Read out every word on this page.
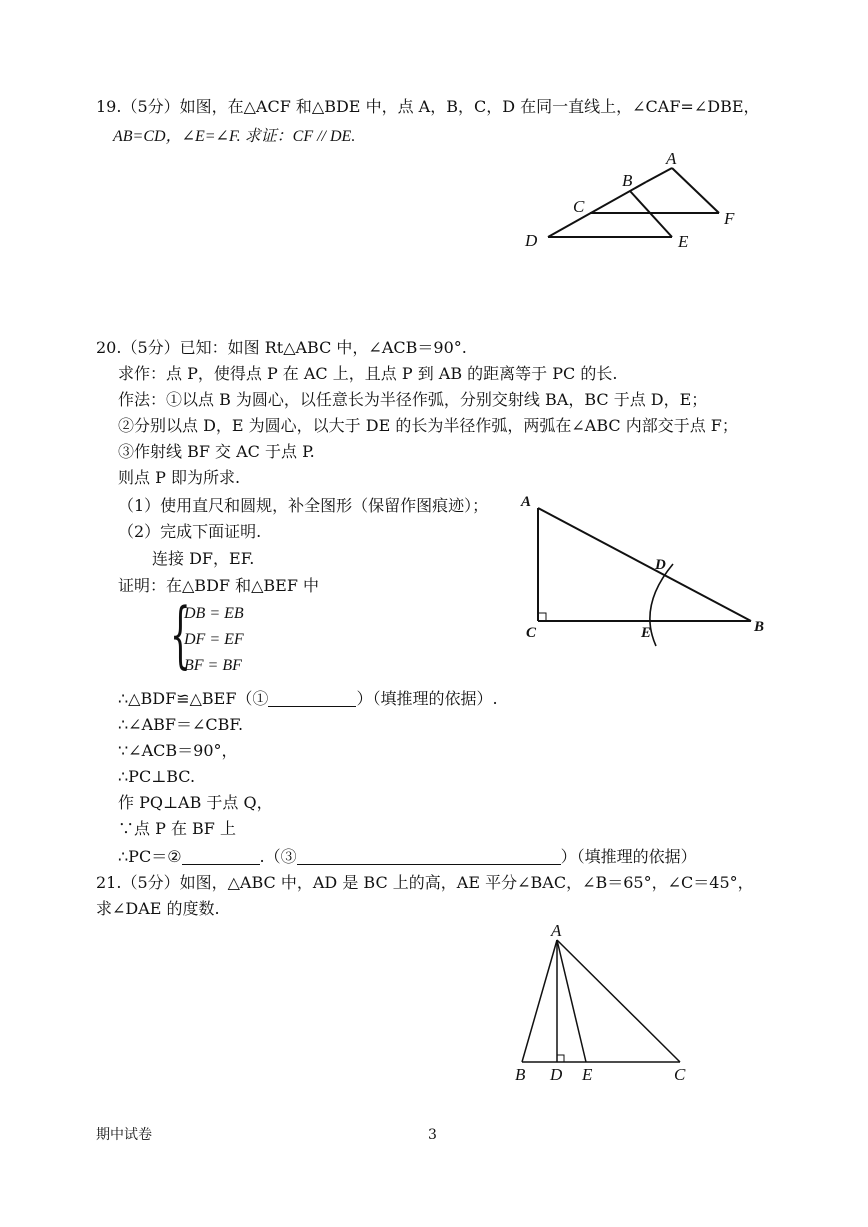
19.（5分）如图，在△ACF 和△BDE 中，点 A，B，C，D 在同一直线上，∠CAF=∠DBE，
AB=CD，∠E=∠F. 求证：CF // DE.
A
B
C
D	E
F
20.（5分）已知：如图 Rt△ABC 中，∠ACB＝90°.
求作：点 P，使得点 P 在 AC 上，且点 P 到 AB 的距离等于 PC 的长.
作法：①以点 B 为圆心，以任意长为半径作弧，分别交射线 BA，BC 于点 D，E；
②分别以点 D，E 为圆心，以大于 DE 的长为半径作弧，两弧在∠ABC 内部交于点 F；
③作射线 BF 交 AC 于点 P.
则点 P 即为所求.
（1）使用直尺和圆规，补全图形（保留作图痕迹）；
（2）完成下面证明.
连接 DF，EF.
证明：在△BDF 和△BEF 中
{
DB = EB
DF = EF
BF = BF
∴△BDF≌△BEF（①	）（填推理的依据）.
∴∠ABF＝∠CBF.
∵∠ACB＝90°，
∴PC⊥BC.
作 PQ⊥AB 于点 Q，
∵点 P 在 BF 上
∴PC＝②	.（③	）（填推理的依据）
A
B
C
D
E
21.（5分）如图，△ABC 中，AD 是 BC 上的高，AE 平分∠BAC，∠B＝65°，∠C＝45°，
求∠DAE 的度数.
A
B D E	C
期中试卷	3
